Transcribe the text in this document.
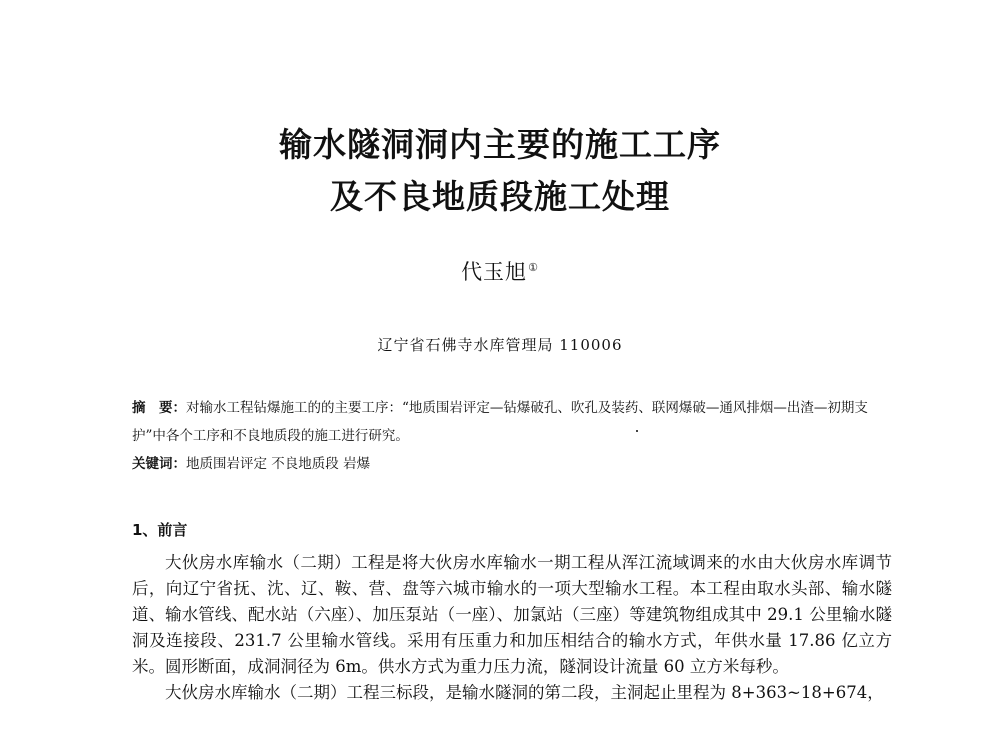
输水隧洞洞内主要的施工工序
及不良地质段施工处理
代玉旭①
辽宁省石佛寺水库管理局 110006
摘　要：对输水工程钻爆施工的的主要工序：“地质围岩评定—钻爆破孔、吹孔及装药、联网爆破—通风排烟—出渣—初期支护”中各个工序和不良地质段的施工进行研究。
关键词：地质围岩评定 不良地质段 岩爆
1、前言

大伙房水库输水（二期）工程是将大伙房水库输水一期工程从浑江流域调来的水由大伙房水库调节后，向辽宁省抚、沈、辽、鞍、营、盘等六城市输水的一项大型输水工程。本工程由取水头部、输水隧道、输水管线、配水站（六座）、加压泵站（一座）、加氯站（三座）等建筑物组成其中 29.1 公里输水隧洞及连接段、231.7 公里输水管线。采用有压重力和加压相结合的输水方式，年供水量 17.86 亿立方米。圆形断面，成洞洞径为 6m。供水方式为重力压力流，隧洞设计流量 60 立方米每秒。

大伙房水库输水（二期）工程三标段，是输水隧洞的第二段，主洞起止里程为 8+363~18+674，
